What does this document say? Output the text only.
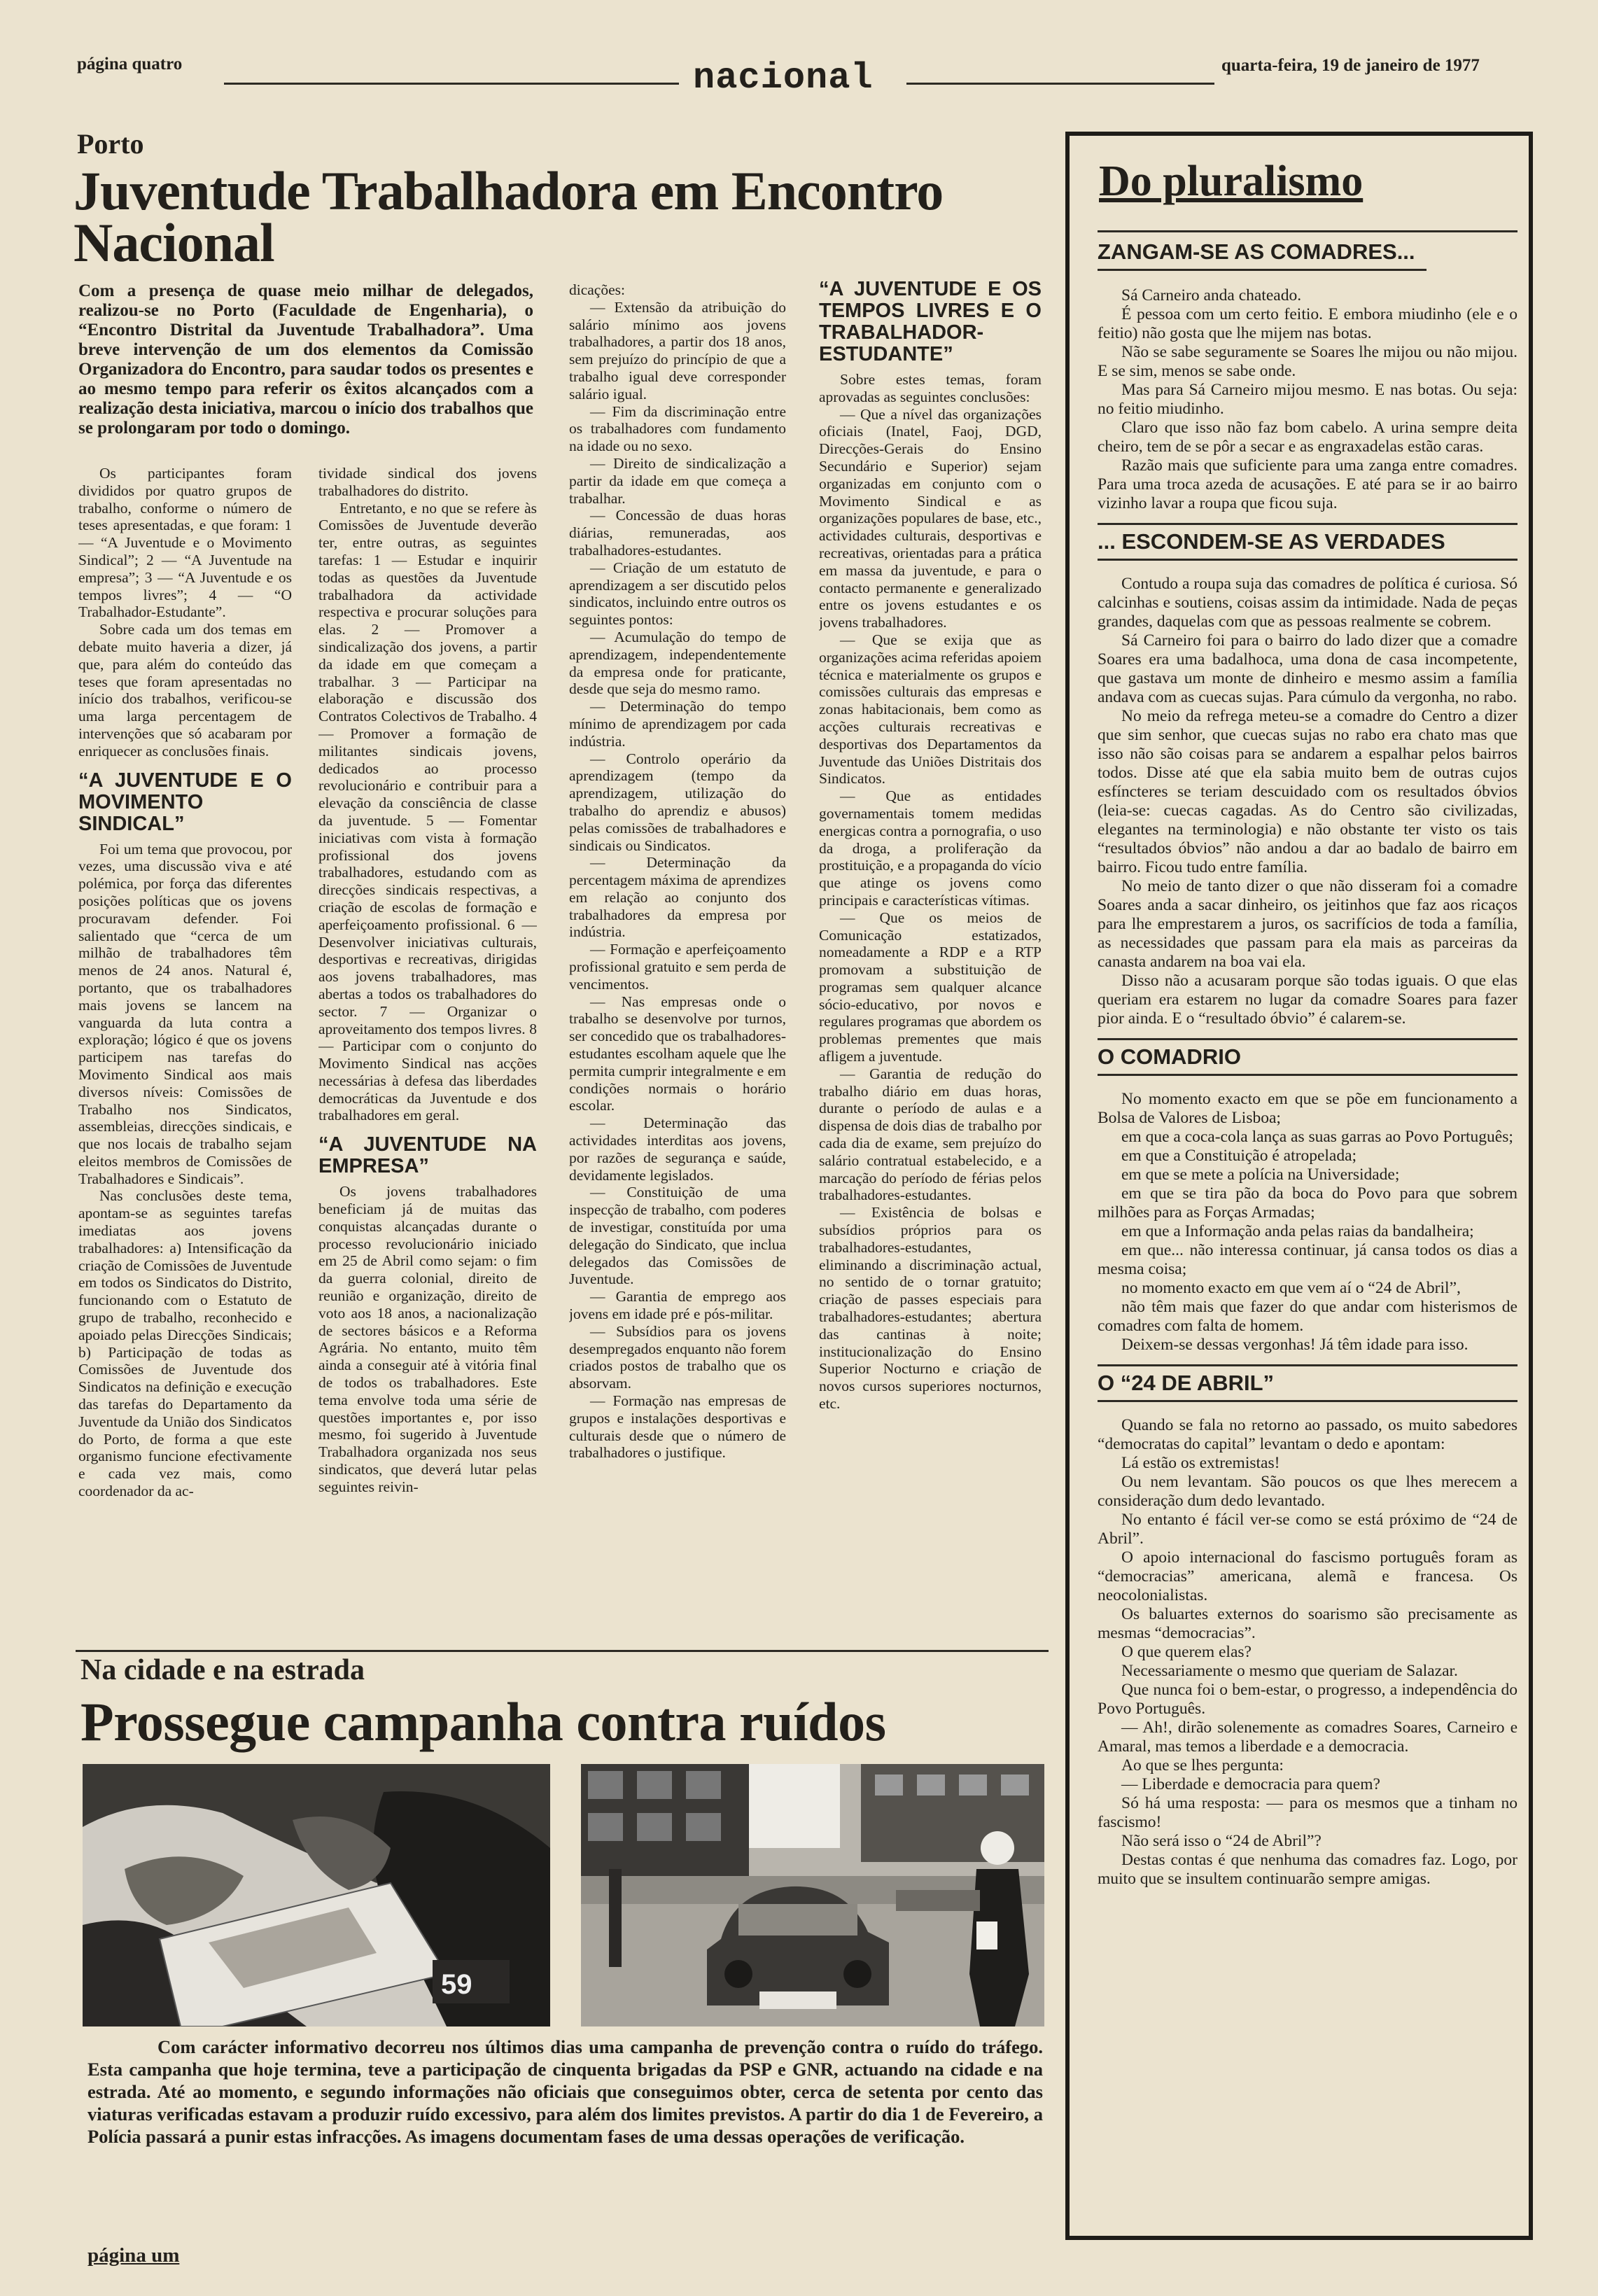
página quatro	nacional	quarta-feira, 19 de janeiro de 1977
Porto
Juventude Trabalhadora em Encontro
Nacional
Com a presença de quase meio milhar de delegados, realizou-se no Porto (Faculdade de Engenharia), o “Encontro Distrital da Juventude Trabalhadora”. Uma breve intervenção de um dos elementos da Comissão Organizadora do Encontro, para saudar todos os presentes e ao mesmo tempo para referir os êxitos alcançados com a realização desta iniciativa, marcou o início dos trabalhos que se prolongaram por todo o domingo.

Os participantes foram divididos por quatro grupos de trabalho, conforme o número de teses apresentadas, e que foram: 1 — “A Juventude e o Movimento Sindical”; 2 — “A Juventude na empresa”; 3 — “A Juventude e os tempos livres”; 4 — “O Trabalhador-Estudante”.

Sobre cada um dos temas em debate muito haveria a dizer, já que, para além do conteúdo das teses que foram apresentadas no início dos trabalhos, verificou-se uma larga percentagem de intervenções que só acabaram por enriquecer as conclusões finais.

“A JUVENTUDE E O MOVIMENTO SINDICAL”

Foi um tema que provocou, por vezes, uma discussão viva e até polémica, por força das diferentes posições políticas que os jovens procuravam defender. Foi salientado que “cerca de um milhão de trabalhadores têm menos de 24 anos. Natural é, portanto, que os trabalhadores mais jovens se lancem na vanguarda da luta contra a exploração; lógico é que os jovens participem nas tarefas do Movimento Sindical aos mais diversos níveis: Comissões de Trabalho nos Sindicatos, assembleias, direcções sindicais, e que nos locais de trabalho sejam eleitos membros de Comissões de Trabalhadores e Sindicais”.

Nas conclusões deste tema, apontam-se as seguintes tarefas imediatas aos jovens trabalhadores: a) Intensificação da criação de Comissões de Juventude em todos os Sindicatos do Distrito, funcionando com o Estatuto de grupo de trabalho, reconhecido e apoiado pelas Direcções Sindicais; b) Participação de todas as Comissões de Juventude dos Sindicatos na definição e execução das tarefas do Departamento da Juventude da União dos Sindicatos do Porto, de forma a que este organismo funcione efectivamente e cada vez mais, como coordenador da ac-

tividade sindical dos jovens trabalhadores do distrito.

Entretanto, e no que se refere às Comissões de Juventude deverão ter, entre outras, as seguintes tarefas: 1 — Estudar e inquirir todas as questões da Juventude trabalhadora da actividade respectiva e procurar soluções para elas. 2 — Promover a sindicalização dos jovens, a partir da idade em que começam a trabalhar. 3 — Participar na elaboração e discussão dos Contratos Colectivos de Trabalho. 4 — Promover a formação de militantes sindicais jovens, dedicados ao processo revolucionário e contribuir para a elevação da consciência de classe da juventude. 5 — Fomentar iniciativas com vista à formação profissional dos jovens trabalhadores, estudando com as direcções sindicais respectivas, a criação de escolas de formação e aperfeiçoamento profissional. 6 — Desenvolver iniciativas culturais, desportivas e recreativas, dirigidas aos jovens trabalhadores, mas abertas a todos os trabalhadores do sector. 7 — Organizar o aproveitamento dos tempos livres. 8 — Participar com o conjunto do Movimento Sindical nas acções necessárias à defesa das liberdades democráticas da Juventude e dos trabalhadores em geral.

“A JUVENTUDE NA EMPRESA”

Os jovens trabalhadores beneficiam já de muitas das conquistas alcançadas durante o processo revolucionário iniciado em 25 de Abril como sejam: o fim da guerra colonial, direito de reunião e organização, direito de voto aos 18 anos, a nacionalização de sectores básicos e a Reforma Agrária. No entanto, muito têm ainda a conseguir até à vitória final de todos os trabalhadores. Este tema envolve toda uma série de questões importantes e, por isso mesmo, foi sugerido à Juventude Trabalhadora organizada nos seus sindicatos, que deverá lutar pelas seguintes reivin-

dicações:

— Extensão da atribuição do salário mínimo aos jovens trabalhadores, a partir dos 18 anos, sem prejuízo do princípio de que a trabalho igual deve corresponder salário igual.

— Fim da discriminação entre os trabalhadores com fundamento na idade ou no sexo.

— Direito de sindicalização a partir da idade em que começa a trabalhar.

— Concessão de duas horas diárias, remuneradas, aos trabalhadores-estudantes.

— Criação de um estatuto de aprendizagem a ser discutido pelos sindicatos, incluindo entre outros os seguintes pontos:

— Acumulação do tempo de aprendizagem, independentemente da empresa onde for praticante, desde que seja do mesmo ramo.

— Determinação do tempo mínimo de aprendizagem por cada indústria.

— Controlo operário da aprendizagem (tempo da aprendizagem, utilização do trabalho do aprendiz e abusos) pelas comissões de trabalhadores e sindicais ou Sindicatos.

— Determinação da percentagem máxima de aprendizes em relação ao conjunto dos trabalhadores da empresa por indústria.

— Formação e aperfeiçoamento profissional gratuito e sem perda de vencimentos.

— Nas empresas onde o trabalho se desenvolve por turnos, ser concedido que os trabalhadores-estudantes escolham aquele que lhe permita cumprir integralmente e em condições normais o horário escolar.

— Determinação das actividades interditas aos jovens, por razões de segurança e saúde, devidamente legislados.

— Constituição de uma inspecção de trabalho, com poderes de investigar, constituída por uma delegação do Sindicato, que inclua delegados das Comissões de Juventude.

— Garantia de emprego aos jovens em idade pré e pós-militar.

— Subsídios para os jovens desempregados enquanto não forem criados postos de trabalho que os absorvam.

— Formação nas empresas de grupos e instalações desportivas e culturais desde que o número de trabalhadores o justifique.

“A JUVENTUDE E OS TEMPOS LIVRES E O TRABALHADOR-ESTUDANTE”

Sobre estes temas, foram aprovadas as seguintes conclusões:

— Que a nível das organizações oficiais (Inatel, Faoj, DGD, Direcções-Gerais do Ensino Secundário e Superior) sejam organizadas em conjunto com o Movimento Sindical e as organizações populares de base, etc., actividades culturais, desportivas e recreativas, orientadas para a prática em massa da juventude, e para o contacto permanente e generalizado entre os jovens estudantes e os jovens trabalhadores.

— Que se exija que as organizações acima referidas apoiem técnica e materialmente os grupos e comissões culturais das empresas e zonas habitacionais, bem como as acções culturais recreativas e desportivas dos Departamentos da Juventude das Uniões Distritais dos Sindicatos.

— Que as entidades governamentais tomem medidas energicas contra a pornografia, o uso da droga, a proliferação da prostituição, e a propaganda do vício que atinge os jovens como principais e características vítimas.

— Que os meios de Comunicação estatizados, nomeadamente a RDP e a RTP promovam a substituição de programas sem qualquer alcance sócio-educativo, por novos e regulares programas que abordem os problemas prementes que mais afligem a juventude.

— Garantia de redução do trabalho diário em duas horas, durante o período de aulas e a dispensa de dois dias de trabalho por cada dia de exame, sem prejuízo do salário contratual estabelecido, e a marcação do período de férias pelos trabalhadores-estudantes.

— Existência de bolsas e subsídios próprios para os trabalhadores-estudantes, eliminando a discriminação actual, no sentido de o tornar gratuito; criação de passes especiais para trabalhadores-estudantes; abertura das cantinas à noite; institucionalização do Ensino Superior Nocturno e criação de novos cursos superiores nocturnos, etc.

Na cidade e na estrada
Prossegue campanha contra ruídos
59
Com carácter informativo decorreu nos últimos dias uma campanha de prevenção contra o ruído do tráfego. Esta campanha que hoje termina, teve a participação de cinquenta brigadas da PSP e GNR, actuando na cidade e na estrada. Até ao momento, e segundo informações não oficiais que conseguimos obter, cerca de setenta por cento das viaturas verificadas estavam a produzir ruído excessivo, para além dos limites previstos. A partir do dia 1 de Fevereiro, a Polícia passará a punir estas infracções. As imagens documentam fases de uma dessas operações de verificação.
página um
Do pluralismo
ZANGAM-SE AS COMADRES...

Sá Carneiro anda chateado.

É pessoa com um certo feitio. E embora miudinho (ele e o feitio) não gosta que lhe mijem nas botas.

Não se sabe seguramente se Soares lhe mijou ou não mijou. E se sim, menos se sabe onde.

Mas para Sá Carneiro mijou mesmo. E nas botas. Ou seja: no feitio miudinho.

Claro que isso não faz bom cabelo. A urina sempre deita cheiro, tem de se pôr a secar e as engraxadelas estão caras.

Razão mais que suficiente para uma zanga entre comadres. Para uma troca azeda de acusações. E até para se ir ao bairro vizinho lavar a roupa que ficou suja.

... ESCONDEM-SE AS VERDADES

Contudo a roupa suja das comadres de política é curiosa. Só calcinhas e soutiens, coisas assim da intimidade. Nada de peças grandes, daquelas com que as pessoas realmente se cobrem.

Sá Carneiro foi para o bairro do lado dizer que a comadre Soares era uma badalhoca, uma dona de casa incompetente, que gastava um monte de dinheiro e mesmo assim a família andava com as cuecas sujas. Para cúmulo da vergonha, no rabo.

No meio da refrega meteu-se a comadre do Centro a dizer que sim senhor, que cuecas sujas no rabo era chato mas que isso não são coisas para se andarem a espalhar pelos bairros todos. Disse até que ela sabia muito bem de outras cujos esfíncteres se teriam descuidado com os resultados óbvios (leia-se: cuecas cagadas. As do Centro são civilizadas, elegantes na terminologia) e não obstante ter visto os tais “resultados óbvios” não andou a dar ao badalo de bairro em bairro. Ficou tudo entre família.

No meio de tanto dizer o que não disseram foi a comadre Soares anda a sacar dinheiro, os jeitinhos que faz aos ricaços para lhe emprestarem a juros, os sacrifícios de toda a família, as necessidades que passam para ela mais as parceiras da canasta andarem na boa vai ela.

Disso não a acusaram porque são todas iguais. O que elas queriam era estarem no lugar da comadre Soares para fazer pior ainda. E o “resultado óbvio” é calarem-se.

O COMADRIO

No momento exacto em que se põe em funcionamento a Bolsa de Valores de Lisboa;

em que a coca-cola lança as suas garras ao Povo Português;

em que a Constituição é atropelada;

em que se mete a polícia na Universidade;

em que se tira pão da boca do Povo para que sobrem milhões para as Forças Armadas;

em que a Informação anda pelas raias da bandalheira;

em que... não interessa continuar, já cansa todos os dias a mesma coisa;

no momento exacto em que vem aí o “24 de Abril”,

não têm mais que fazer do que andar com histerismos de comadres com falta de homem.

Deixem-se dessas vergonhas! Já têm idade para isso.

O “24 DE ABRIL”

Quando se fala no retorno ao passado, os muito sabedores “democratas do capital” levantam o dedo e apontam:

Lá estão os extremistas!

Ou nem levantam. São poucos os que lhes merecem a consideração dum dedo levantado.

No entanto é fácil ver-se como se está próximo de “24 de Abril”.

O apoio internacional do fascismo português foram as “democracias” americana, alemã e francesa. Os neocolonialistas.

Os baluartes externos do soarismo são precisamente as mesmas “democracias”.

O que querem elas?

Necessariamente o mesmo que queriam de Salazar.

Que nunca foi o bem-estar, o progresso, a independência do Povo Português.

— Ah!, dirão solenemente as comadres Soares, Carneiro e Amaral, mas temos a liberdade e a democracia.

Ao que se lhes pergunta:

— Liberdade e democracia para quem?

Só há uma resposta: — para os mesmos que a tinham no fascismo!

Não será isso o “24 de Abril”?

Destas contas é que nenhuma das comadres faz. Logo, por muito que se insultem continuarão sempre amigas.
